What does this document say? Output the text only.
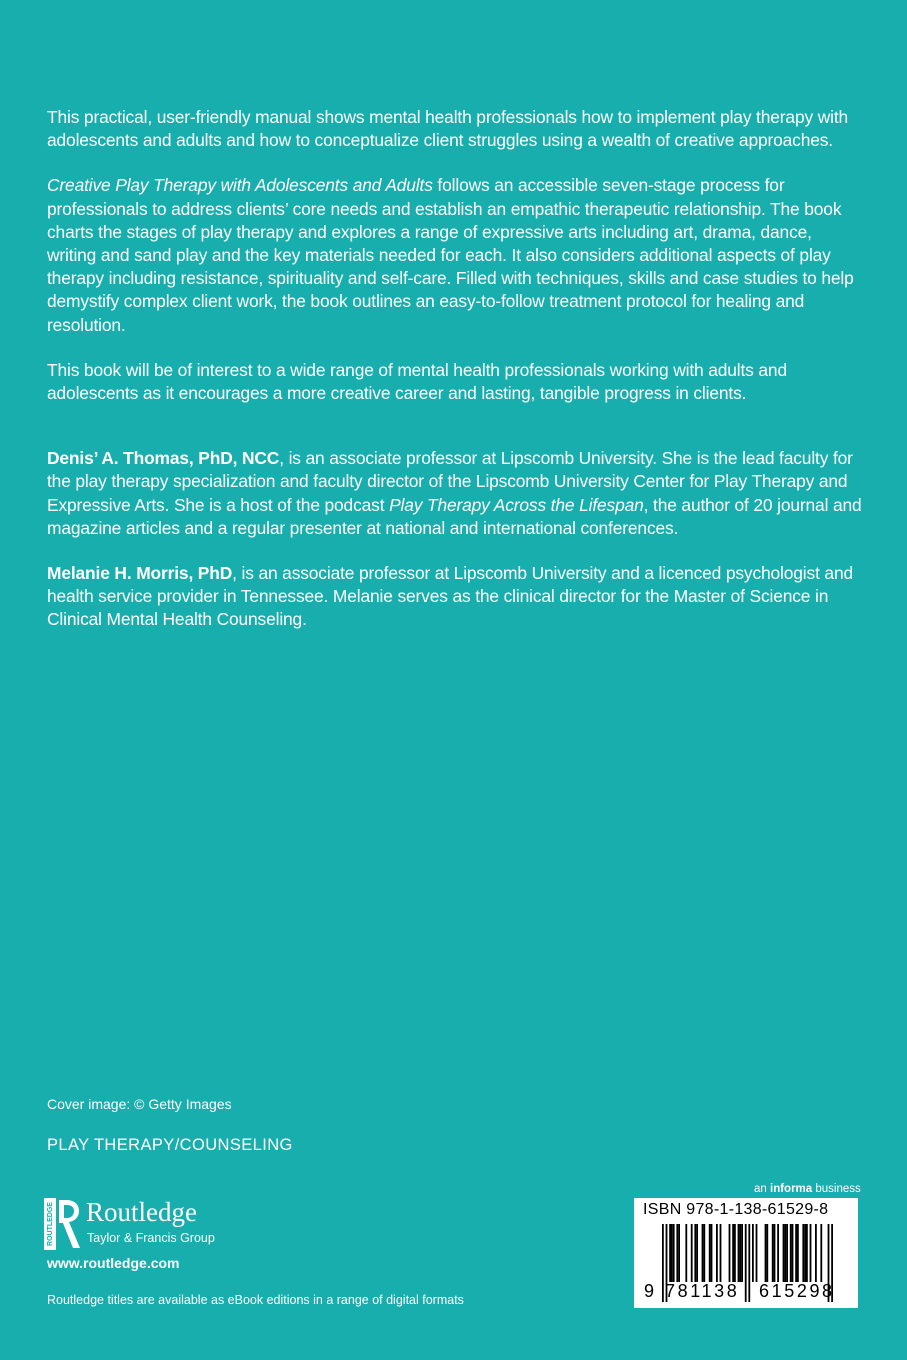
This practical, user-friendly manual shows mental health professionals how to implement play therapy with adolescents and adults and how to conceptualize client struggles using a wealth of creative approaches.

Creative Play Therapy with Adolescents and Adults follows an accessible seven-stage process for professionals to address clients’ core needs and establish an empathic therapeutic relationship. The book charts the stages of play therapy and explores a range of expressive arts including art, drama, dance, writing and sand play and the key materials needed for each. It also considers additional aspects of play therapy including resistance, spirituality and self-care. Filled with techniques, skills and case studies to help demystify complex client work, the book outlines an easy-to-follow treatment protocol for healing and resolution.

This book will be of interest to a wide range of mental health professionals working with adults and adolescents as it encourages a more creative career and lasting, tangible progress in clients.

Denis’ A. Thomas, PhD, NCC, is an associate professor at Lipscomb University. She is the lead faculty for the play therapy specialization and faculty director of the Lipscomb University Center for Play Therapy and Expressive Arts. She is a host of the podcast Play Therapy Across the Lifespan, the author of 20 journal and magazine articles and a regular presenter at national and international conferences.

Melanie H. Morris, PhD, is an associate professor at Lipscomb University and a licenced psychologist and health service provider in Tennessee. Melanie serves as the clinical director for the Master of Science in Clinical Mental Health Counseling.

Cover image: © Getty Images
PLAY THERAPY/COUNSELING
ROUTLEDGE Routledge
Taylor & Francis Group
www.routledge.com
Routledge titles are available as eBook editions in a range of digital formats
an informa business
ISBN 978-1-138-61529-8
9 781138 615298
